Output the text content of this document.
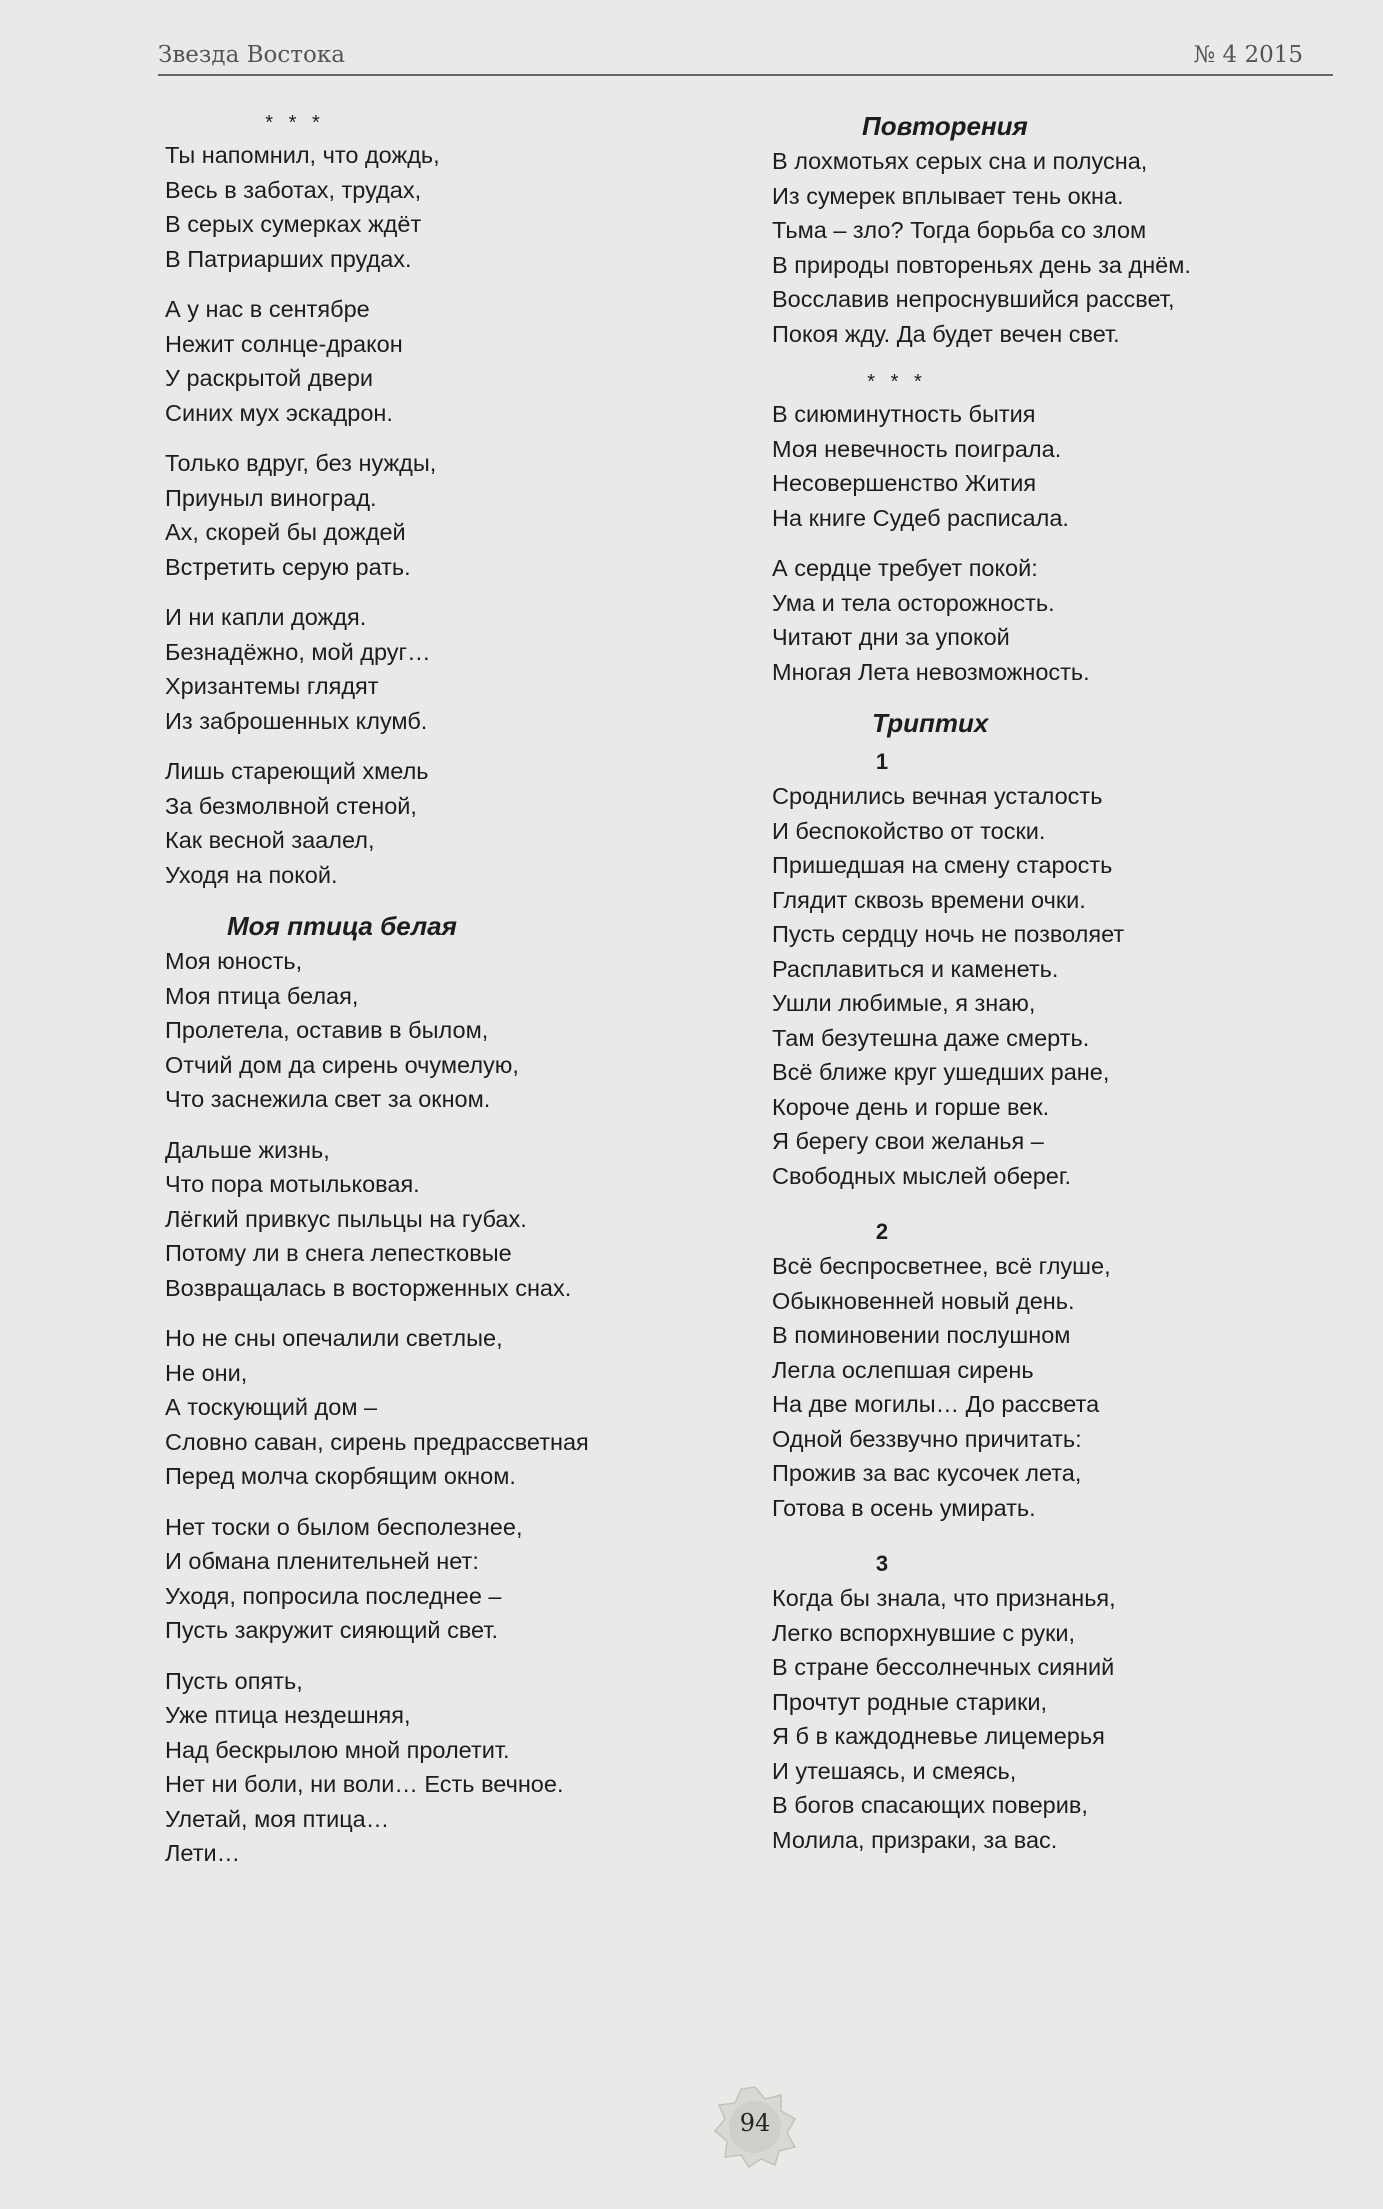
Звезда Востока	№ 4 2015
* * *
Ты напомнил, что дождь,
Весь в заботах, трудах,
В серых сумерках ждёт
В Патриарших прудах.
А у нас в сентябре
Нежит солнце-дракон
У раскрытой двери
Синих мух эскадрон.
Только вдруг, без нужды,
Приуныл виноград.
Ах, скорей бы дождей
Встретить серую рать.
И ни капли дождя.
Безнадёжно, мой друг…
Хризантемы глядят
Из заброшенных клумб.
Лишь стареющий хмель
За безмолвной стеной,
Как весной заалел,
Уходя на покой.
Моя птица белая
Моя юность,
Моя птица белая,
Пролетела, оставив в былом,
Отчий дом да сирень очумелую,
Что заснежила свет за окном.
Дальше жизнь,
Что пора мотыльковая.
Лёгкий привкус пыльцы на губах.
Потому ли в снега лепестковые
Возвращалась в восторженных снах.
Но не сны опечалили светлые,
Не они,
А тоскующий дом –
Словно саван, сирень предрассветная
Перед молча скорбящим окном.
Нет тоски о былом бесполезнее,
И обмана пленительней нет:
Уходя, попросила последнее –
Пусть закружит сияющий свет.
Пусть опять,
Уже птица нездешняя,
Над бескрылою мной пролетит.
Нет ни боли, ни воли… Есть вечное.
Улетай, моя птица…
Лети…
Повторения
В лохмотьях серых сна и полусна,
Из сумерек вплывает тень окна.
Тьма – зло? Тогда борьба со злом
В природы повтореньях день за днём.
Восславив непроснувшийся рассвет,
Покоя жду. Да будет вечен свет.
* * *
В сиюминутность бытия
Моя невечность поиграла.
Несовершенство Жития
На книге Судеб расписала.
А сердце требует покой:
Ума и тела осторожность.
Читают дни за упокой
Многая Лета невозможность.
Триптих
1
Сроднились вечная усталость
И беспокойство от тоски.
Пришедшая на смену старость
Глядит сквозь времени очки.
Пусть сердцу ночь не позволяет
Расплавиться и каменеть.
Ушли любимые, я знаю,
Там безутешна даже смерть.
Всё ближе круг ушедших ране,
Короче день и горше век.
Я берегу свои желанья –
Свободных мыслей оберег.
2
Всё беспросветнее, всё глуше,
Обыкновенней новый день.
В поминовении послушном
Легла ослепшая сирень
На две могилы… До рассвета
Одной беззвучно причитать:
Прожив за вас кусочек лета,
Готова в осень умирать.
3
Когда бы знала, что признанья,
Легко вспорхнувшие с руки,
В стране бессолнечных сияний
Прочтут родные старики,
Я б в каждодневье лицемерья
И утешаясь, и смеясь,
В богов спасающих поверив,
Молила, призраки, за вас.
94
